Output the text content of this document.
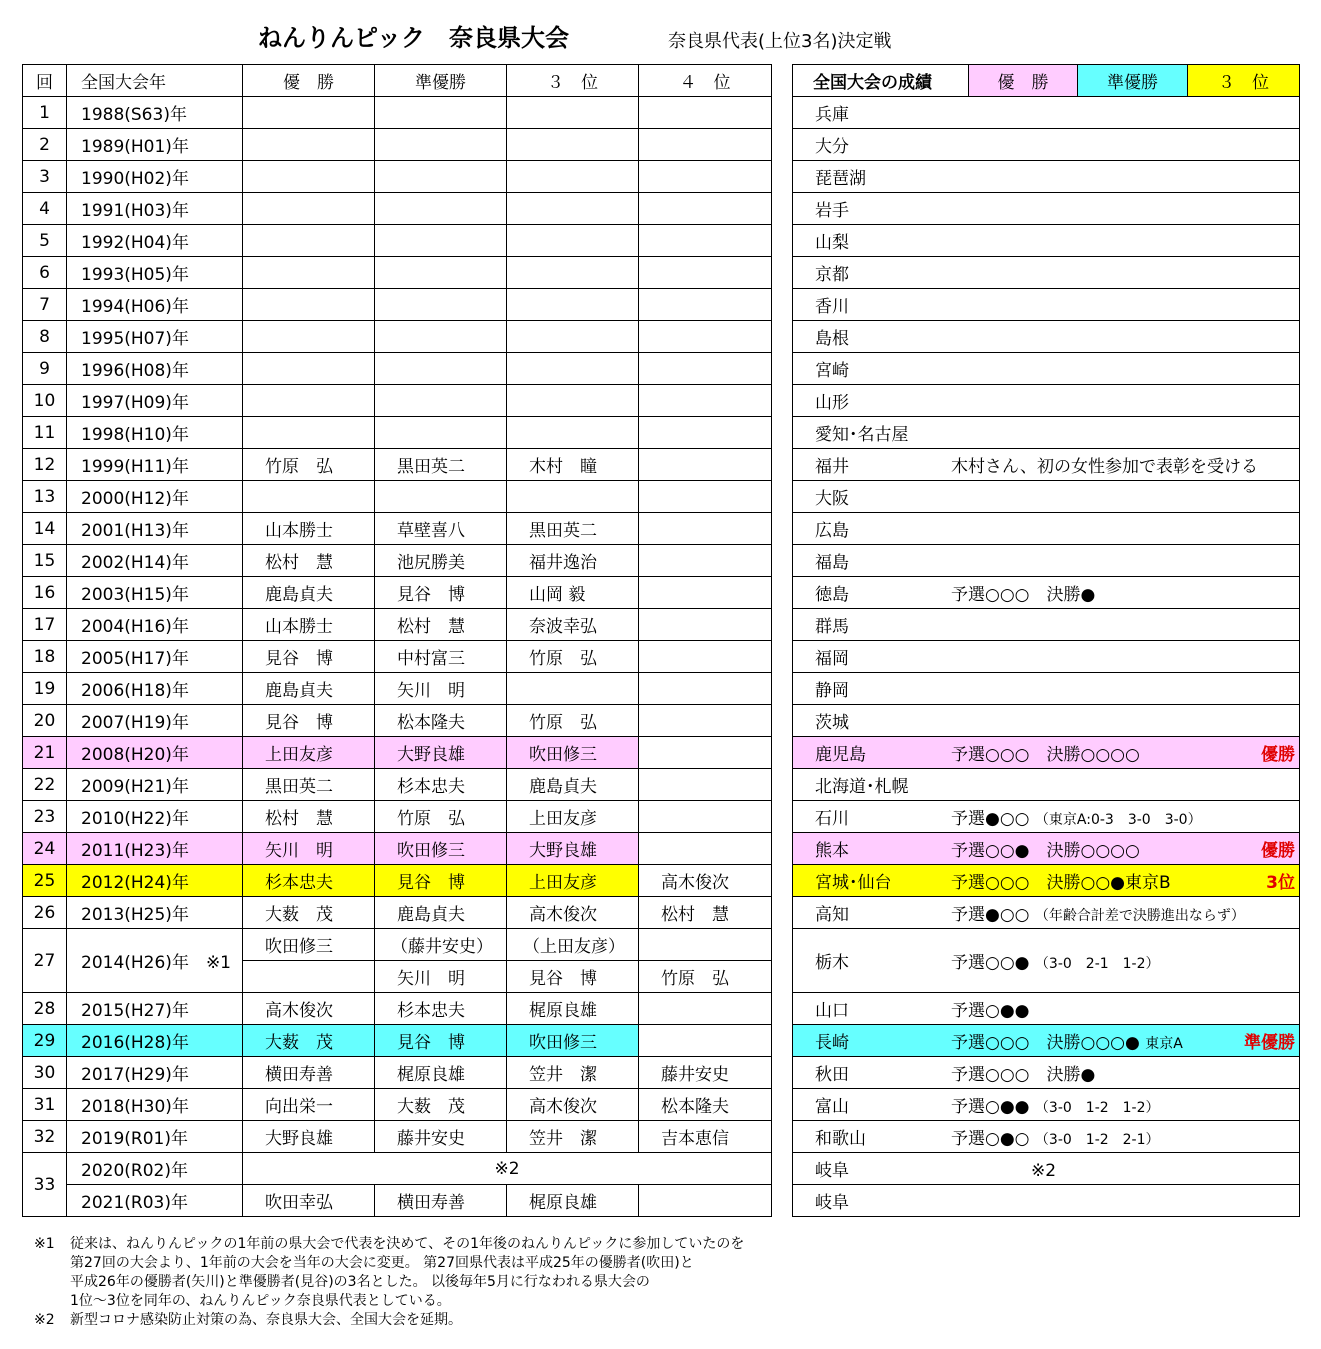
ねんりんピック　奈良県大会	奈良県代表(上位3名)決定戦
回	全国大会年	優　勝	準優勝	３　位	４　位
1	1988(S63)年				
2	1989(H01)年				
3	1990(H02)年				
4	1991(H03)年				
5	1992(H04)年				
6	1993(H05)年				
7	1994(H06)年				
8	1995(H07)年				
9	1996(H08)年				
10	1997(H09)年				
11	1998(H10)年				
12	1999(H11)年	竹原　弘	黒田英二	木村　瞳	
13	2000(H12)年				
14	2001(H13)年	山本勝士	草壁喜八	黒田英二	
15	2002(H14)年	松村　慧	池尻勝美	福井逸治	
16	2003(H15)年	鹿島貞夫	見谷　博	山岡 毅	
17	2004(H16)年	山本勝士	松村　慧	奈波幸弘	
18	2005(H17)年	見谷　博	中村富三	竹原　弘	
19	2006(H18)年	鹿島貞夫	矢川　明		
20	2007(H19)年	見谷　博	松本隆夫	竹原　弘	
21	2008(H20)年	上田友彦	大野良雄	吹田修三	
22	2009(H21)年	黒田英二	杉本忠夫	鹿島貞夫	
23	2010(H22)年	松村　慧	竹原　弘	上田友彦	
24	2011(H23)年	矢川　明	吹田修三	大野良雄	
25	2012(H24)年	杉本忠夫	見谷　博	上田友彦	高木俊次
26	2013(H25)年	大薮　茂	鹿島貞夫	高木俊次	松村　慧
27	2014(H26)年　※1	吹田修三	（藤井安史）	（上田友彦）	
			矢川　明	見谷　博	竹原　弘
28	2015(H27)年	高木俊次	杉本忠夫	梶原良雄	
29	2016(H28)年	大薮　茂	見谷　博	吹田修三	
30	2017(H29)年	横田寿善	梶原良雄	笠井　潔	藤井安史
31	2018(H30)年	向出栄一	大薮　茂	高木俊次	松本隆夫
32	2019(R01)年	大野良雄	藤井安史	笠井　潔	吉本恵信
33	2020(R02)年	※2			
	2021(R03)年	吹田幸弘	横田寿善	梶原良雄	
全国大会の成績	優　勝	準優勝	３　位
兵庫

大分

琵琶湖

岩手

山梨

京都

香川

島根

宮崎

山形

愛知･名古屋

福井	木村さん、初の女性参加で表彰を受ける

大阪

広島

福島

徳島	予選○○○　決勝●

群馬

福岡

静岡

茨城

鹿児島	予選○○○　決勝○○○○	優勝

北海道･札幌

石川	予選●○○ （東京A:0-3　3-0　3-0）

熊本	予選○○●　決勝○○○○	優勝

宮城･仙台	予選○○○　決勝○○●東京B	3位

高知	予選●○○ （年齢合計差で決勝進出ならず）

栃木	予選○○● （3-0　2-1　1-2）

山口	予選○●●

長崎	予選○○○　決勝○○○● 東京A	準優勝

秋田	予選○○○　決勝●

富山	予選○●● （3-0　1-2　1-2）

和歌山	予選○●○ （3-0　1-2　2-1）

岐阜	※2
岐阜
※1	従来は、ねんりんピックの1年前の県大会で代表を決めて、その1年後のねんりんピックに参加していたのを
第27回の大会より、1年前の大会を当年の大会に変更。 第27回県代表は平成25年の優勝者(吹田)と
平成26年の優勝者(矢川)と準優勝者(見谷)の3名とした。 以後毎年5月に行なわれる県大会の
1位～3位を同年の、ねんりんピック奈良県代表としている。
※2	新型コロナ感染防止対策の為、奈良県大会、全国大会を延期。
